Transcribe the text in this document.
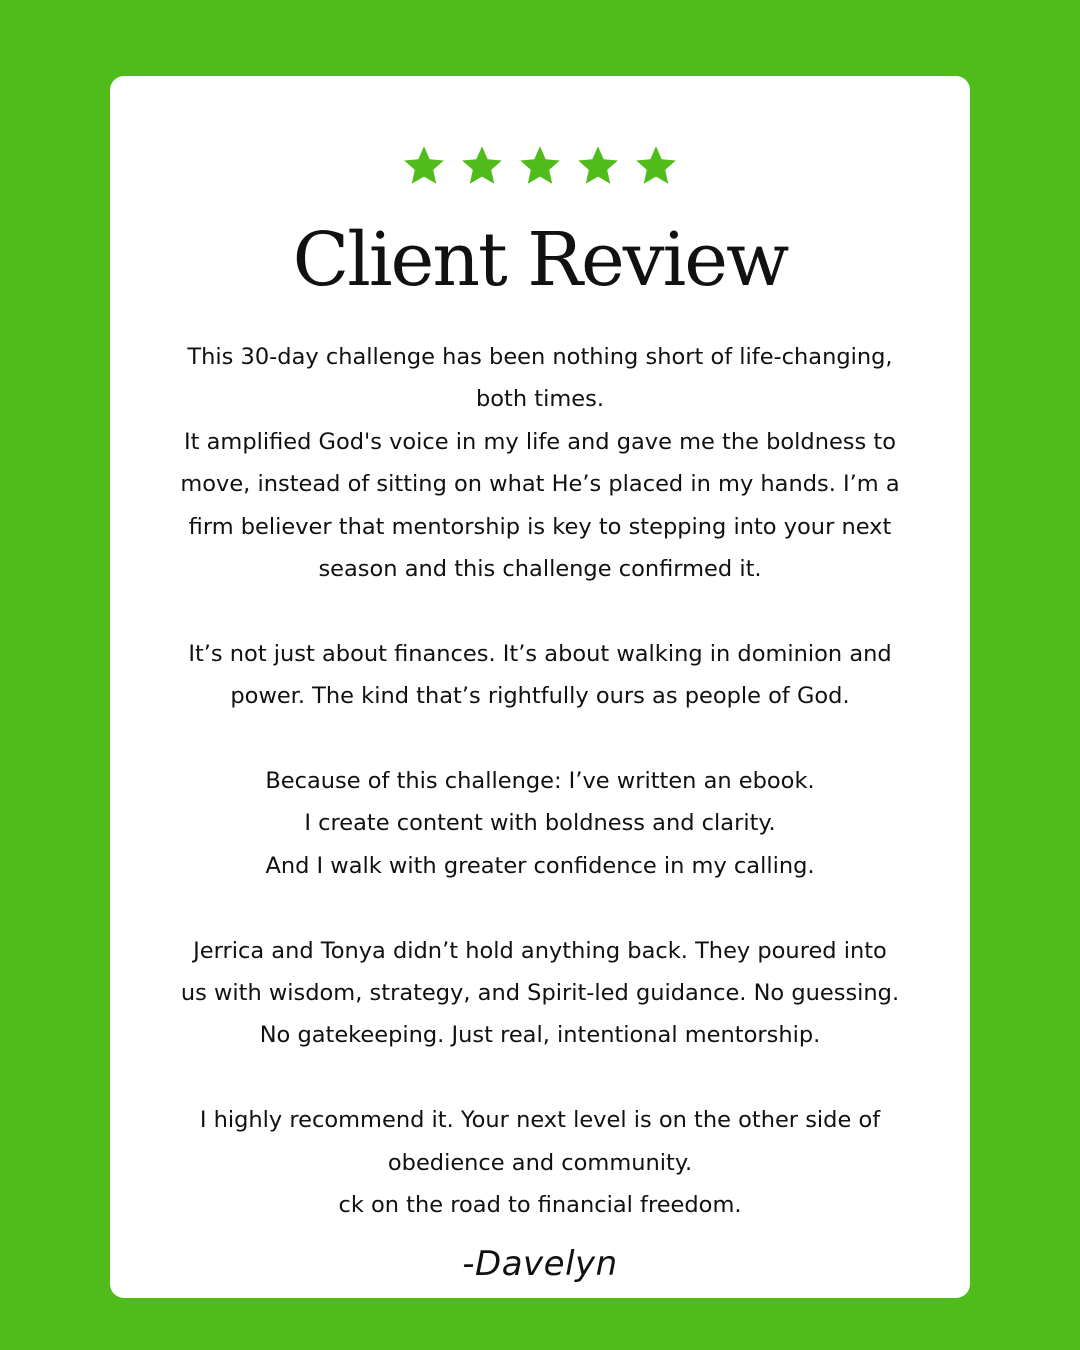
Client Review

This 30-day challenge has been nothing short of life-changing,
both times.
It amplified God's voice in my life and gave me the boldness to
move, instead of sitting on what He’s placed in my hands. I’m a
firm believer that mentorship is key to stepping into your next
season and this challenge confirmed it.

It’s not just about finances. It’s about walking in dominion and
power. The kind that’s rightfully ours as people of God.

Because of this challenge: I’ve written an ebook.
I create content with boldness and clarity.
And I walk with greater confidence in my calling.

Jerrica and Tonya didn’t hold anything back. They poured into
us with wisdom, strategy, and Spirit-led guidance. No guessing.
No gatekeeping. Just real, intentional mentorship.

I highly recommend it. Your next level is on the other side of
obedience and community.
ck on the road to financial freedom.

-Davelyn
